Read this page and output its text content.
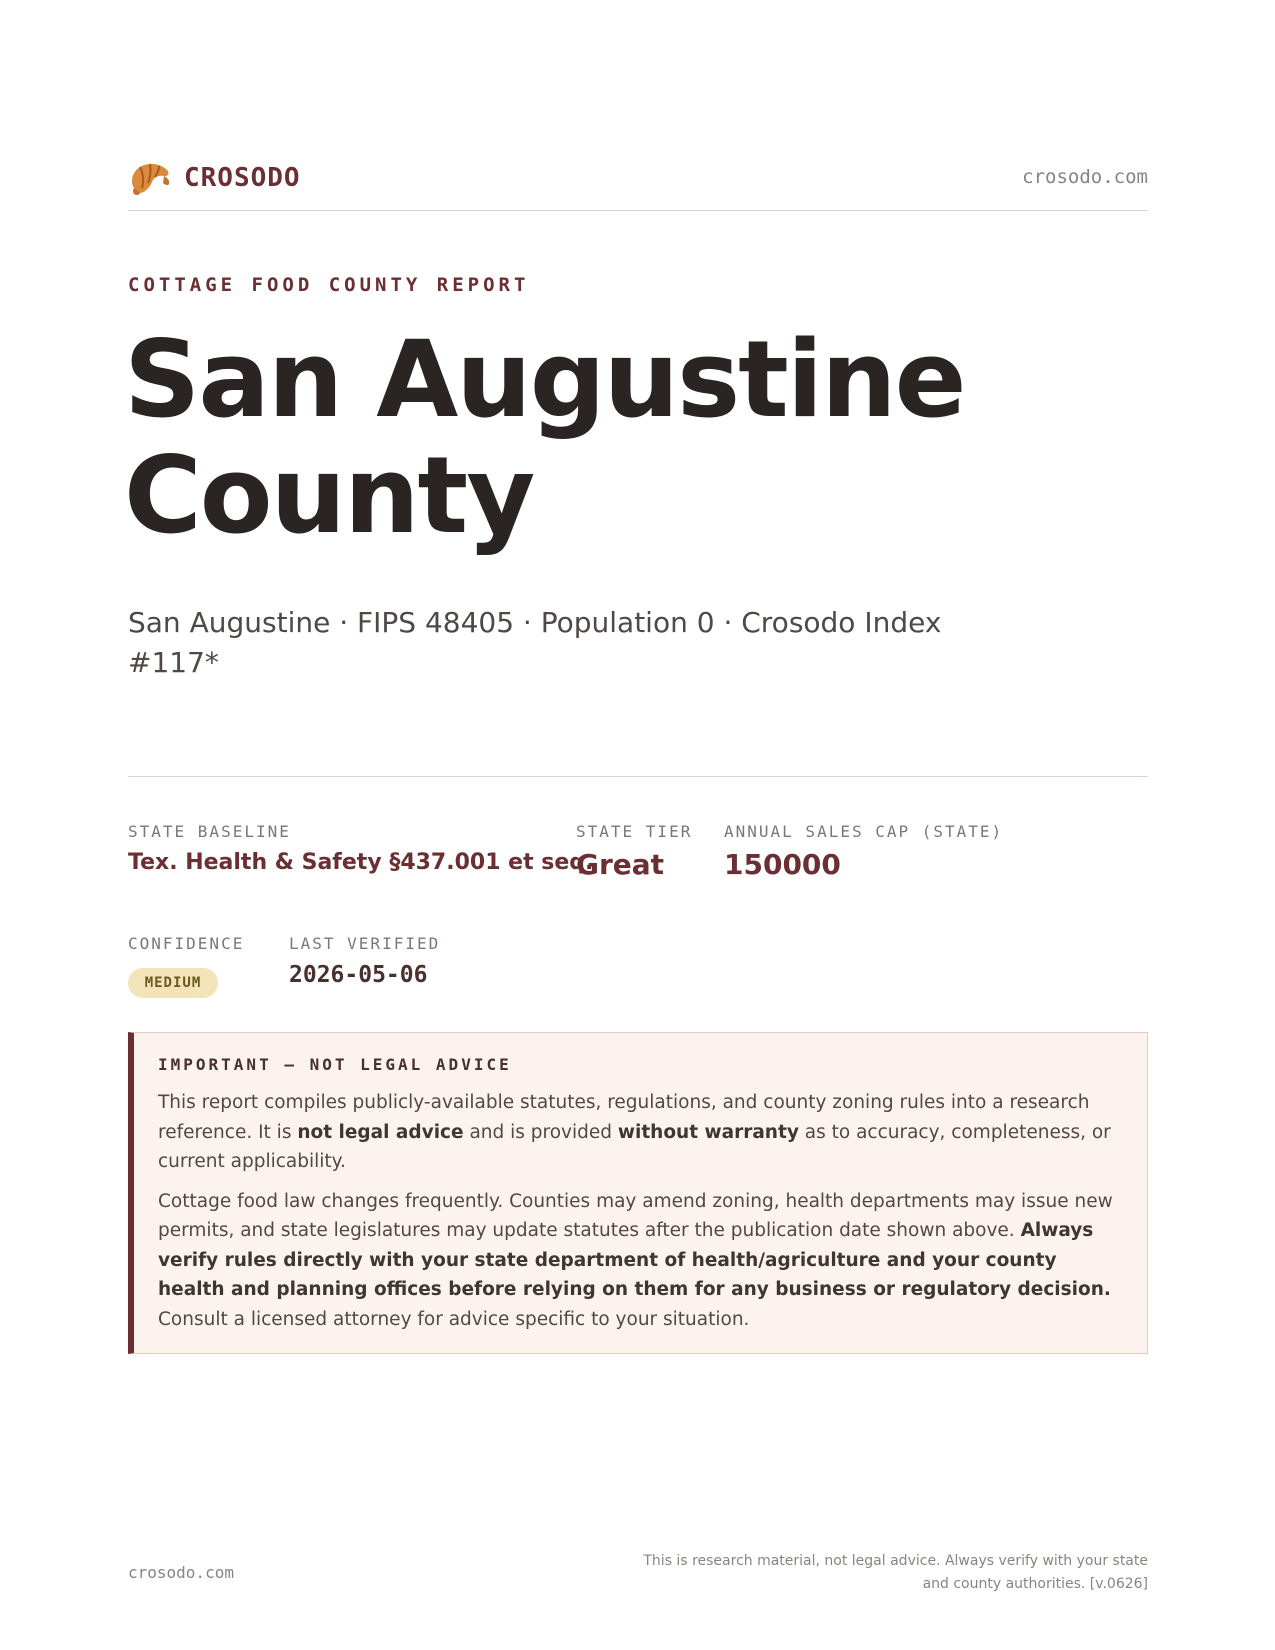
CROSODO	crosodo.com
COTTAGE FOOD COUNTY REPORT
San Augustine County
San Augustine · FIPS 48405 · Population 0 · Crosodo Index #117*
STATE BASELINE
Tex. Health & Safety §437.001 et seq.
STATE TIER
Great
ANNUAL SALES CAP (STATE)
150000
CONFIDENCE
MEDIUM
LAST VERIFIED
2026-05-06
IMPORTANT — NOT LEGAL ADVICE

This report compiles publicly-available statutes, regulations, and county zoning rules into a research reference. It is not legal advice and is provided without warranty as to accuracy, completeness, or current applicability.

Cottage food law changes frequently. Counties may amend zoning, health departments may issue new permits, and state legislatures may update statutes after the publication date shown above. Always verify rules directly with your state department of health/agriculture and your county health and planning offices before relying on them for any business or regulatory decision. Consult a licensed attorney for advice specific to your situation.

crosodo.com
This is research material, not legal advice. Always verify with your state and county authorities. [v.0626]
